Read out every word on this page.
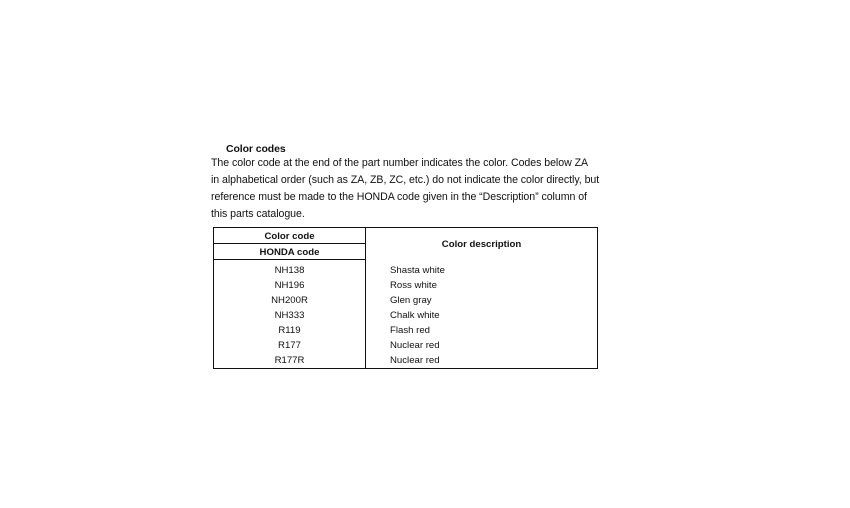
Color codes
The color code at the end of the part number indicates the color. Codes below ZA
in alphabetical order (such as ZA, ZB, ZC, etc.) do not indicate the color directly, but
reference must be made to the HONDA code given in the “Description” column of
this parts catalogue.
Color code
HONDA code
Color description
NH138	Shasta white
NH196	Ross white
NH200R	Glen gray
NH333	Chalk white
R119	Flash red
R177	Nuclear red
R177R	Nuclear red
